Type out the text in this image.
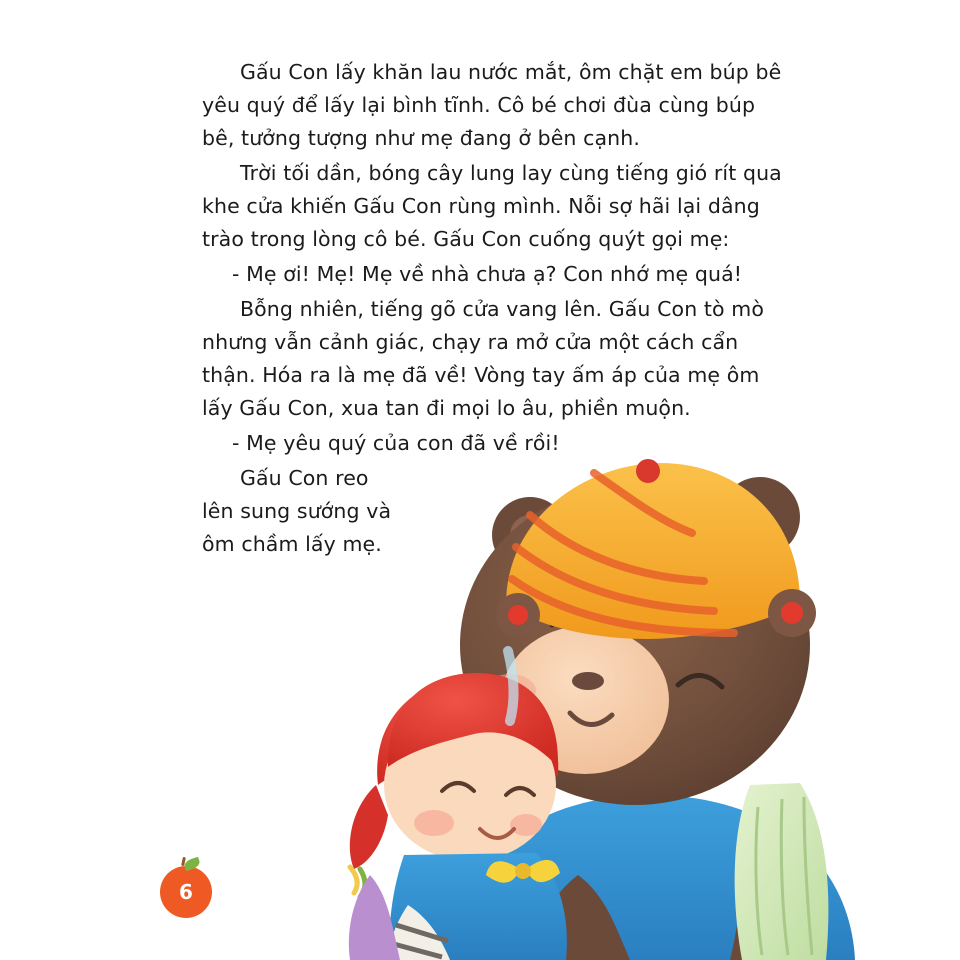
Gấu Con lấy khăn lau nước mắt, ôm chặt em búp bê yêu quý để lấy lại bình tĩnh. Cô bé chơi đùa cùng búp bê, tưởng tượng như mẹ đang ở bên cạnh.

Trời tối dần, bóng cây lung lay cùng tiếng gió rít qua khe cửa khiến Gấu Con rùng mình. Nỗi sợ hãi lại dâng trào trong lòng cô bé. Gấu Con cuống quýt gọi mẹ:

- Mẹ ơi! Mẹ! Mẹ về nhà chưa ạ? Con nhớ mẹ quá!

Bỗng nhiên, tiếng gõ cửa vang lên. Gấu Con tò mò nhưng vẫn cảnh giác, chạy ra mở cửa một cách cẩn thận. Hóa ra là mẹ đã về! Vòng tay ấm áp của mẹ ôm lấy Gấu Con, xua tan đi mọi lo âu, phiền muộn.

- Mẹ yêu quý của con đã về rồi!

Gấu Con reo lên sung sướng và ôm chầm lấy mẹ.

6
